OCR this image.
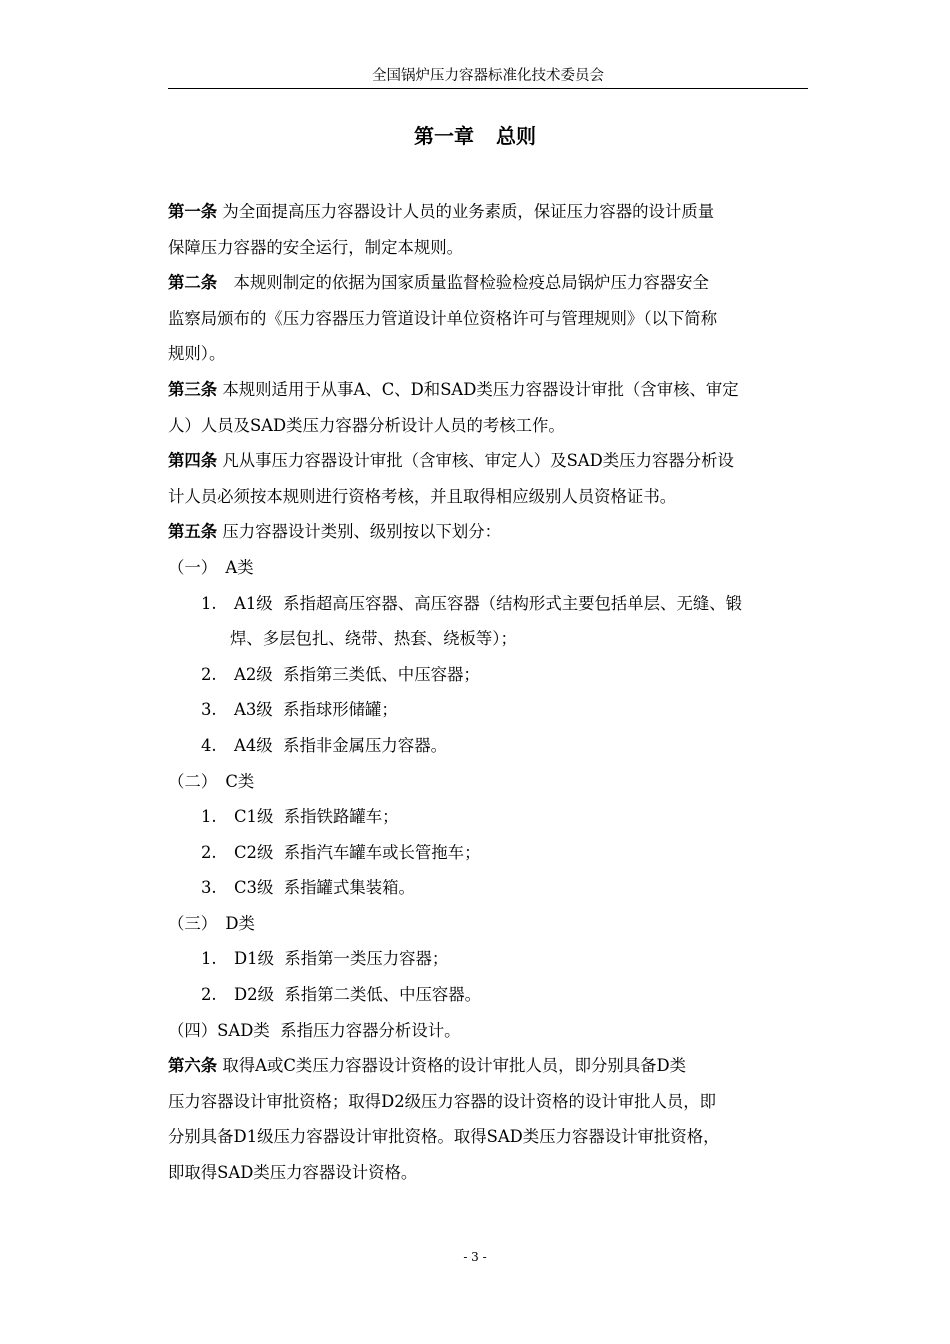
全国锅炉压力容器标准化技术委员会
第一章 总则
第一条 为全面提高压力容器设计人员的业务素质，保证压力容器的设计质量
保障压力容器的安全运行，制定本规则。
第二条　本规则制定的依据为国家质量监督检验检疫总局锅炉压力容器安全
监察局颁布的《压力容器压力管道设计单位资格许可与管理规则》（以下简称
规则）。
第三条 本规则适用于从事A、C、D和SAD类压力容器设计审批（含审核、审定
人）人员及SAD类压力容器分析设计人员的考核工作。
第四条 凡从事压力容器设计审批（含审核、审定人）及SAD类压力容器分析设
计人员必须按本规则进行资格考核，并且取得相应级别人员资格证书。
第五条 压力容器设计类别、级别按以下划分：
（一）　A类
1. A1级  系指超高压容器、高压容器（结构形式主要包括单层、无缝、锻
焊、多层包扎、绕带、热套、绕板等）；
2. A2级  系指第三类低、中压容器；
3. A3级  系指球形储罐；
4. A4级  系指非金属压力容器。
（二）　C类
1. C1级  系指铁路罐车；
2. C2级  系指汽车罐车或长管拖车；
3. C3级  系指罐式集装箱。
（三）　D类
1. D1级  系指第一类压力容器；
2. D2级  系指第二类低、中压容器。
（四）SAD类  系指压力容器分析设计。
第六条 取得A或C类压力容器设计资格的设计审批人员，即分别具备D类
压力容器设计审批资格；取得D2级压力容器的设计资格的设计审批人员，即
分别具备D1级压力容器设计审批资格。取得SAD类压力容器设计审批资格，
即取得SAD类压力容器设计资格。
- 3 -
